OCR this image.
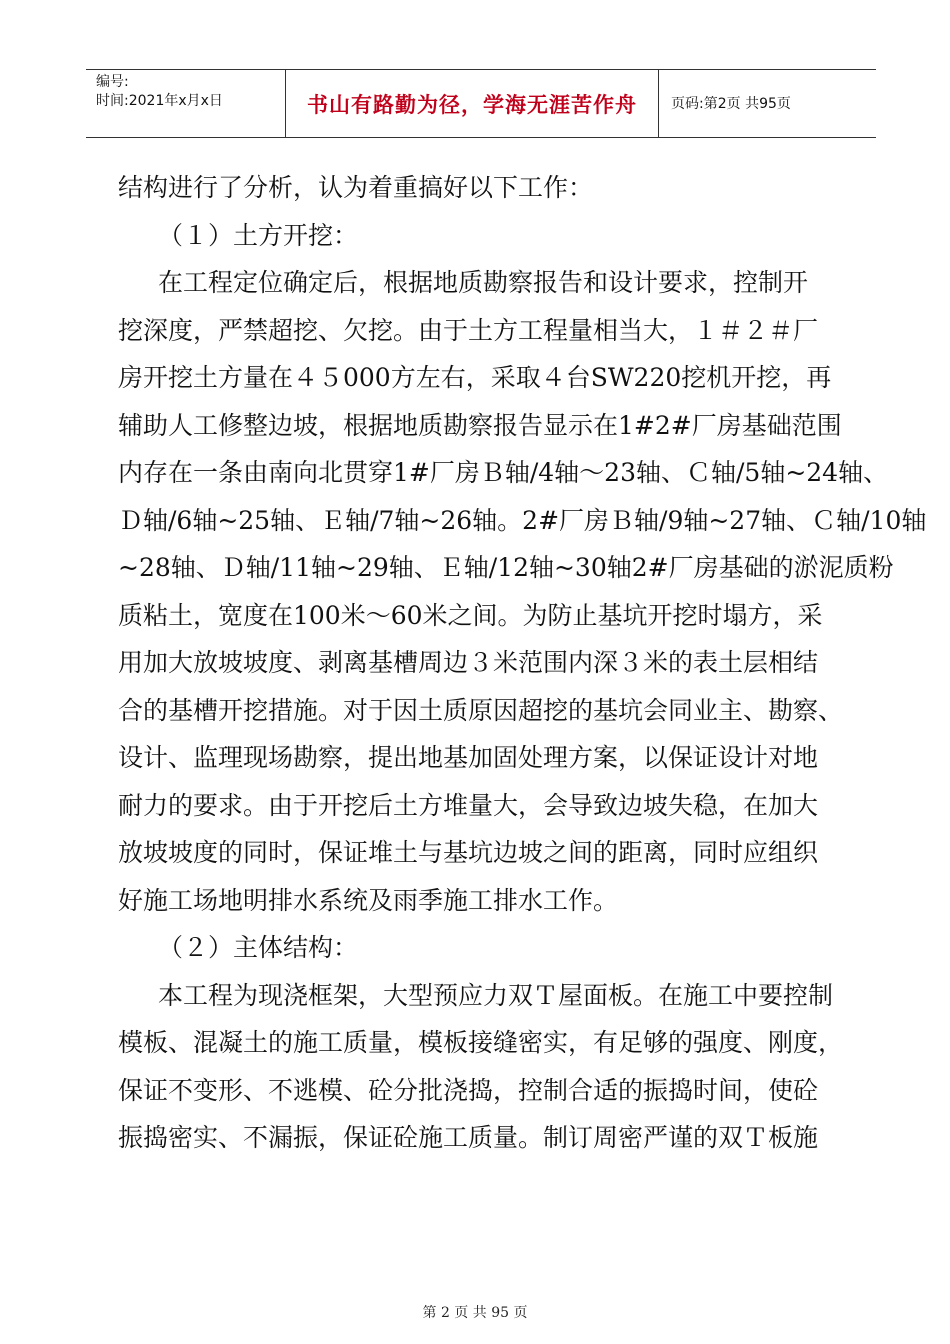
编号:
时间:2021年x月x日	书山有路勤为径，学海无涯苦作舟 页码:第2页 共95页
结构进行了分析，认为着重搞好以下工作：
（１）土方开挖：
在工程定位确定后，根据地质勘察报告和设计要求，控制开
挖深度，严禁超挖、欠挖。由于土方工程量相当大，１＃２＃厂
房开挖土方量在４５000方左右，采取４台SW220挖机开挖，再
辅助人工修整边坡，根据地质勘察报告显示在1#2#厂房基础范围
内存在一条由南向北贯穿1#厂房Ｂ轴/4轴～23轴、Ｃ轴/5轴~24轴、
Ｄ轴/6轴~25轴、Ｅ轴/7轴~26轴。2#厂房Ｂ轴/9轴~27轴、Ｃ轴/10轴
~28轴、Ｄ轴/11轴~29轴、Ｅ轴/12轴~30轴2#厂房基础的淤泥质粉
质粘土，宽度在100米～60米之间。为防止基坑开挖时塌方，采
用加大放坡坡度、剥离基槽周边３米范围内深３米的表土层相结
合的基槽开挖措施。对于因土质原因超挖的基坑会同业主、勘察、
设计、监理现场勘察，提出地基加固处理方案，以保证设计对地
耐力的要求。由于开挖后土方堆量大，会导致边坡失稳，在加大
放坡坡度的同时，保证堆土与基坑边坡之间的距离，同时应组织
好施工场地明排水系统及雨季施工排水工作。
（２）主体结构：
本工程为现浇框架，大型预应力双Ｔ屋面板。在施工中要控制
模板、混凝土的施工质量，模板接缝密实，有足够的强度、刚度，
保证不变形、不逃模、砼分批浇捣，控制合适的振捣时间，使砼
振捣密实、不漏振，保证砼施工质量。制订周密严谨的双Ｔ板施
第 2 页 共 95 页
